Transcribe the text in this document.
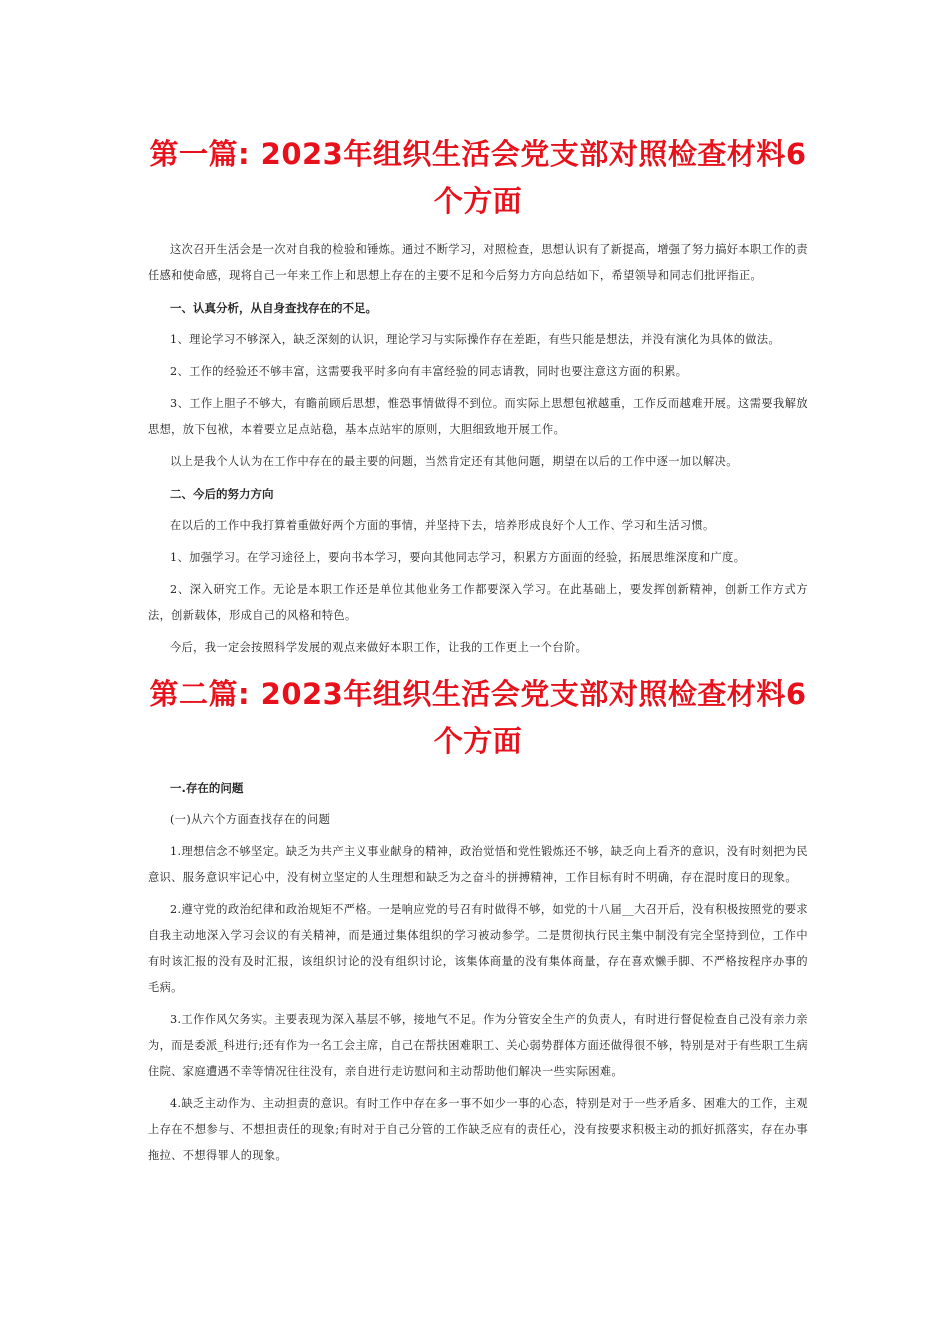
第一篇: 2023年组织生活会党支部对照检查材料6个方面

这次召开生活会是一次对自我的检验和锤炼。通过不断学习，对照检查，思想认识有了新提高，增强了努力搞好本职工作的责任感和使命感，现将自己一年来工作上和思想上存在的主要不足和今后努力方向总结如下，希望领导和同志们批评指正。

一、认真分析，从自身查找存在的不足。

1、理论学习不够深入，缺乏深刻的认识，理论学习与实际操作存在差距，有些只能是想法，并没有演化为具体的做法。

2、工作的经验还不够丰富，这需要我平时多向有丰富经验的同志请教，同时也要注意这方面的积累。

3、工作上胆子不够大，有瞻前顾后思想，惟恐事情做得不到位。而实际上思想包袱越重，工作反而越难开展。这需要我解放思想，放下包袱，本着要立足点站稳，基本点站牢的原则，大胆细致地开展工作。

以上是我个人认为在工作中存在的最主要的问题，当然肯定还有其他问题，期望在以后的工作中逐一加以解决。

二、今后的努力方向

在以后的工作中我打算着重做好两个方面的事情，并坚持下去，培养形成良好个人工作、学习和生活习惯。

1、加强学习。在学习途径上，要向书本学习，要向其他同志学习，积累方方面面的经验，拓展思维深度和广度。

2、深入研究工作。无论是本职工作还是单位其他业务工作都要深入学习。在此基础上，要发挥创新精神，创新工作方式方法，创新载体，形成自己的风格和特色。

今后，我一定会按照科学发展的观点来做好本职工作，让我的工作更上一个台阶。

第二篇: 2023年组织生活会党支部对照检查材料6个方面

一.存在的问题

(一)从六个方面查找存在的问题

1.理想信念不够坚定。缺乏为共产主义事业献身的精神，政治觉悟和党性锻炼还不够，缺乏向上看齐的意识，没有时刻把为民意识、服务意识牢记心中，没有树立坚定的人生理想和缺乏为之奋斗的拼搏精神，工作目标有时不明确，存在混时度日的现象。

2.遵守党的政治纪律和政治规矩不严格。一是响应党的号召有时做得不够，如党的十八届__大召开后，没有积极按照党的要求自我主动地深入学习会议的有关精神，而是通过集体组织的学习被动参学。二是贯彻执行民主集中制没有完全坚持到位，工作中有时该汇报的没有及时汇报，该组织讨论的没有组织讨论，该集体商量的没有集体商量，存在喜欢懒手脚、不严格按程序办事的毛病。

3.工作作风欠务实。主要表现为深入基层不够，接地气不足。作为分管安全生产的负责人，有时进行督促检查自己没有亲力亲为，而是委派_科进行;还有作为一名工会主席，自己在帮扶困难职工、关心弱势群体方面还做得很不够，特别是对于有些职工生病住院、家庭遭遇不幸等情况往往没有，亲自进行走访慰问和主动帮助他们解决一些实际困难。

4.缺乏主动作为、主动担责的意识。有时工作中存在多一事不如少一事的心态，特别是对于一些矛盾多、困难大的工作，主观上存在不想参与、不想担责任的现象;有时对于自己分管的工作缺乏应有的责任心，没有按要求积极主动的抓好抓落实，存在办事拖拉、不想得罪人的现象。
